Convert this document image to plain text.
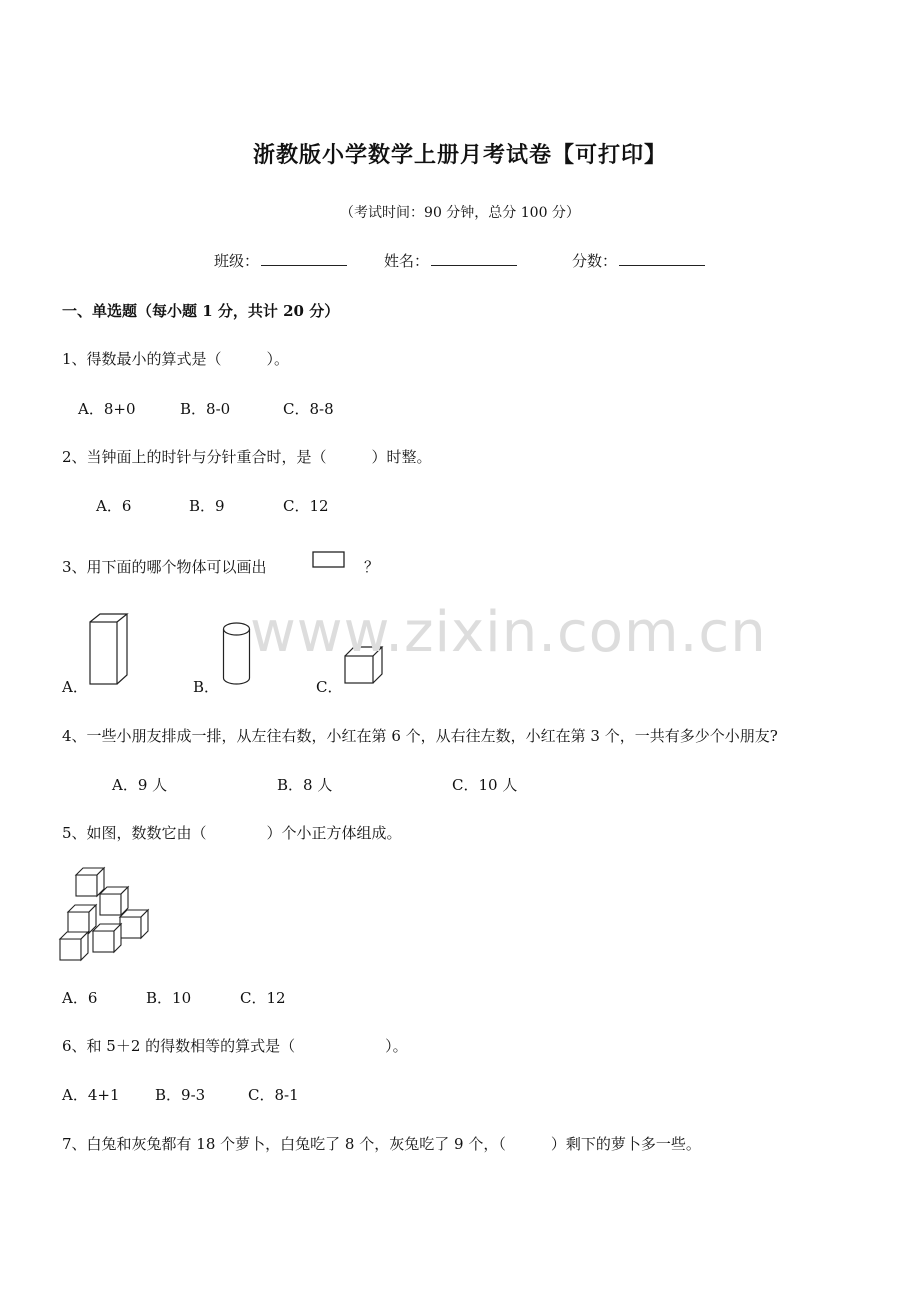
浙教版小学数学上册月考试卷【可打印】
（考试时间：90 分钟，总分 100 分）
班级：	姓名：	分数：
一、单选题（每小题 1 分，共计 20 分）
1、得数最小的算式是（　　　）。
A．8+0	B．8-0	C．8-8
2、当钟面上的时针与分针重合时，是（　　　）时整。
A．6	B．9	C．12
3、用下面的哪个物体可以画出	？
A．	B．	C．
www.zixin.com.cn
4、一些小朋友排成一排，从左往右数，小红在第 6 个，从右往左数，小红在第 3 个，一共有多少个小朋友?
A．9 人	B．8 人	C．10 人
5、如图，数数它由（　　　　）个小正方体组成。
A．6	B．10	C．12
6、和 5＋2 的得数相等的算式是（　　　　　　）。
A．4+1 B．9-3	C．8-1
7、白兔和灰兔都有 18 个萝卜，白兔吃了 8 个，灰兔吃了 9 个，（　　　）剩下的萝卜多一些。
